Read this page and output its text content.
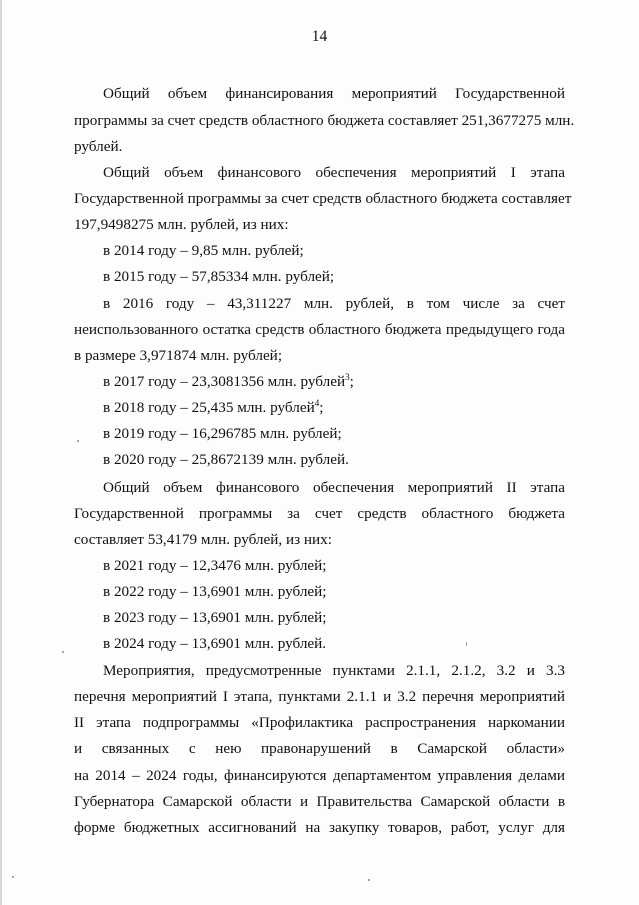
14
Общий объем финансирования мероприятий Государственной
программы за счет средств областного бюджета составляет 251,3677275 млн.
рублей.
Общий объем финансового обеспечения мероприятий I этапа
Государственной программы за счет средств областного бюджета составляет
197,9498275 млн. рублей, из них:
в 2014 году – 9,85 млн. рублей;
в 2015 году – 57,85334 млн. рублей;
в 2016 году – 43,311227 млн. рублей, в том числе за счет
неиспользованного остатка средств областного бюджета предыдущего года
в размере 3,971874 млн. рублей;
в 2017 году – 23,3081356 млн. рублей$^3$;
в 2018 году – 25,435 млн. рублей$^4$;
в 2019 году – 16,296785 млн. рублей;
в 2020 году – 25,8672139 млн. рублей.
Общий объем финансового обеспечения мероприятий II этапа
Государственной программы за счет средств областного бюджета
составляет 53,4179 млн. рублей, из них:
в 2021 году – 12,3476 млн. рублей;
в 2022 году – 13,6901 млн. рублей;
в 2023 году – 13,6901 млн. рублей;
в 2024 году – 13,6901 млн. рублей.
Мероприятия, предусмотренные пунктами 2.1.1, 2.1.2, 3.2 и 3.3
перечня мероприятий I этапа, пунктами 2.1.1 и 3.2 перечня мероприятий
II этапа подпрограммы «Профилактика распространения наркомании
и связанных с нею правонарушений в Самарской области»
на 2014 – 2024 годы, финансируются департаментом управления делами
Губернатора Самарской области и Правительства Самарской области в
форме бюджетных ассигнований на закупку товаров, работ, услуг для
